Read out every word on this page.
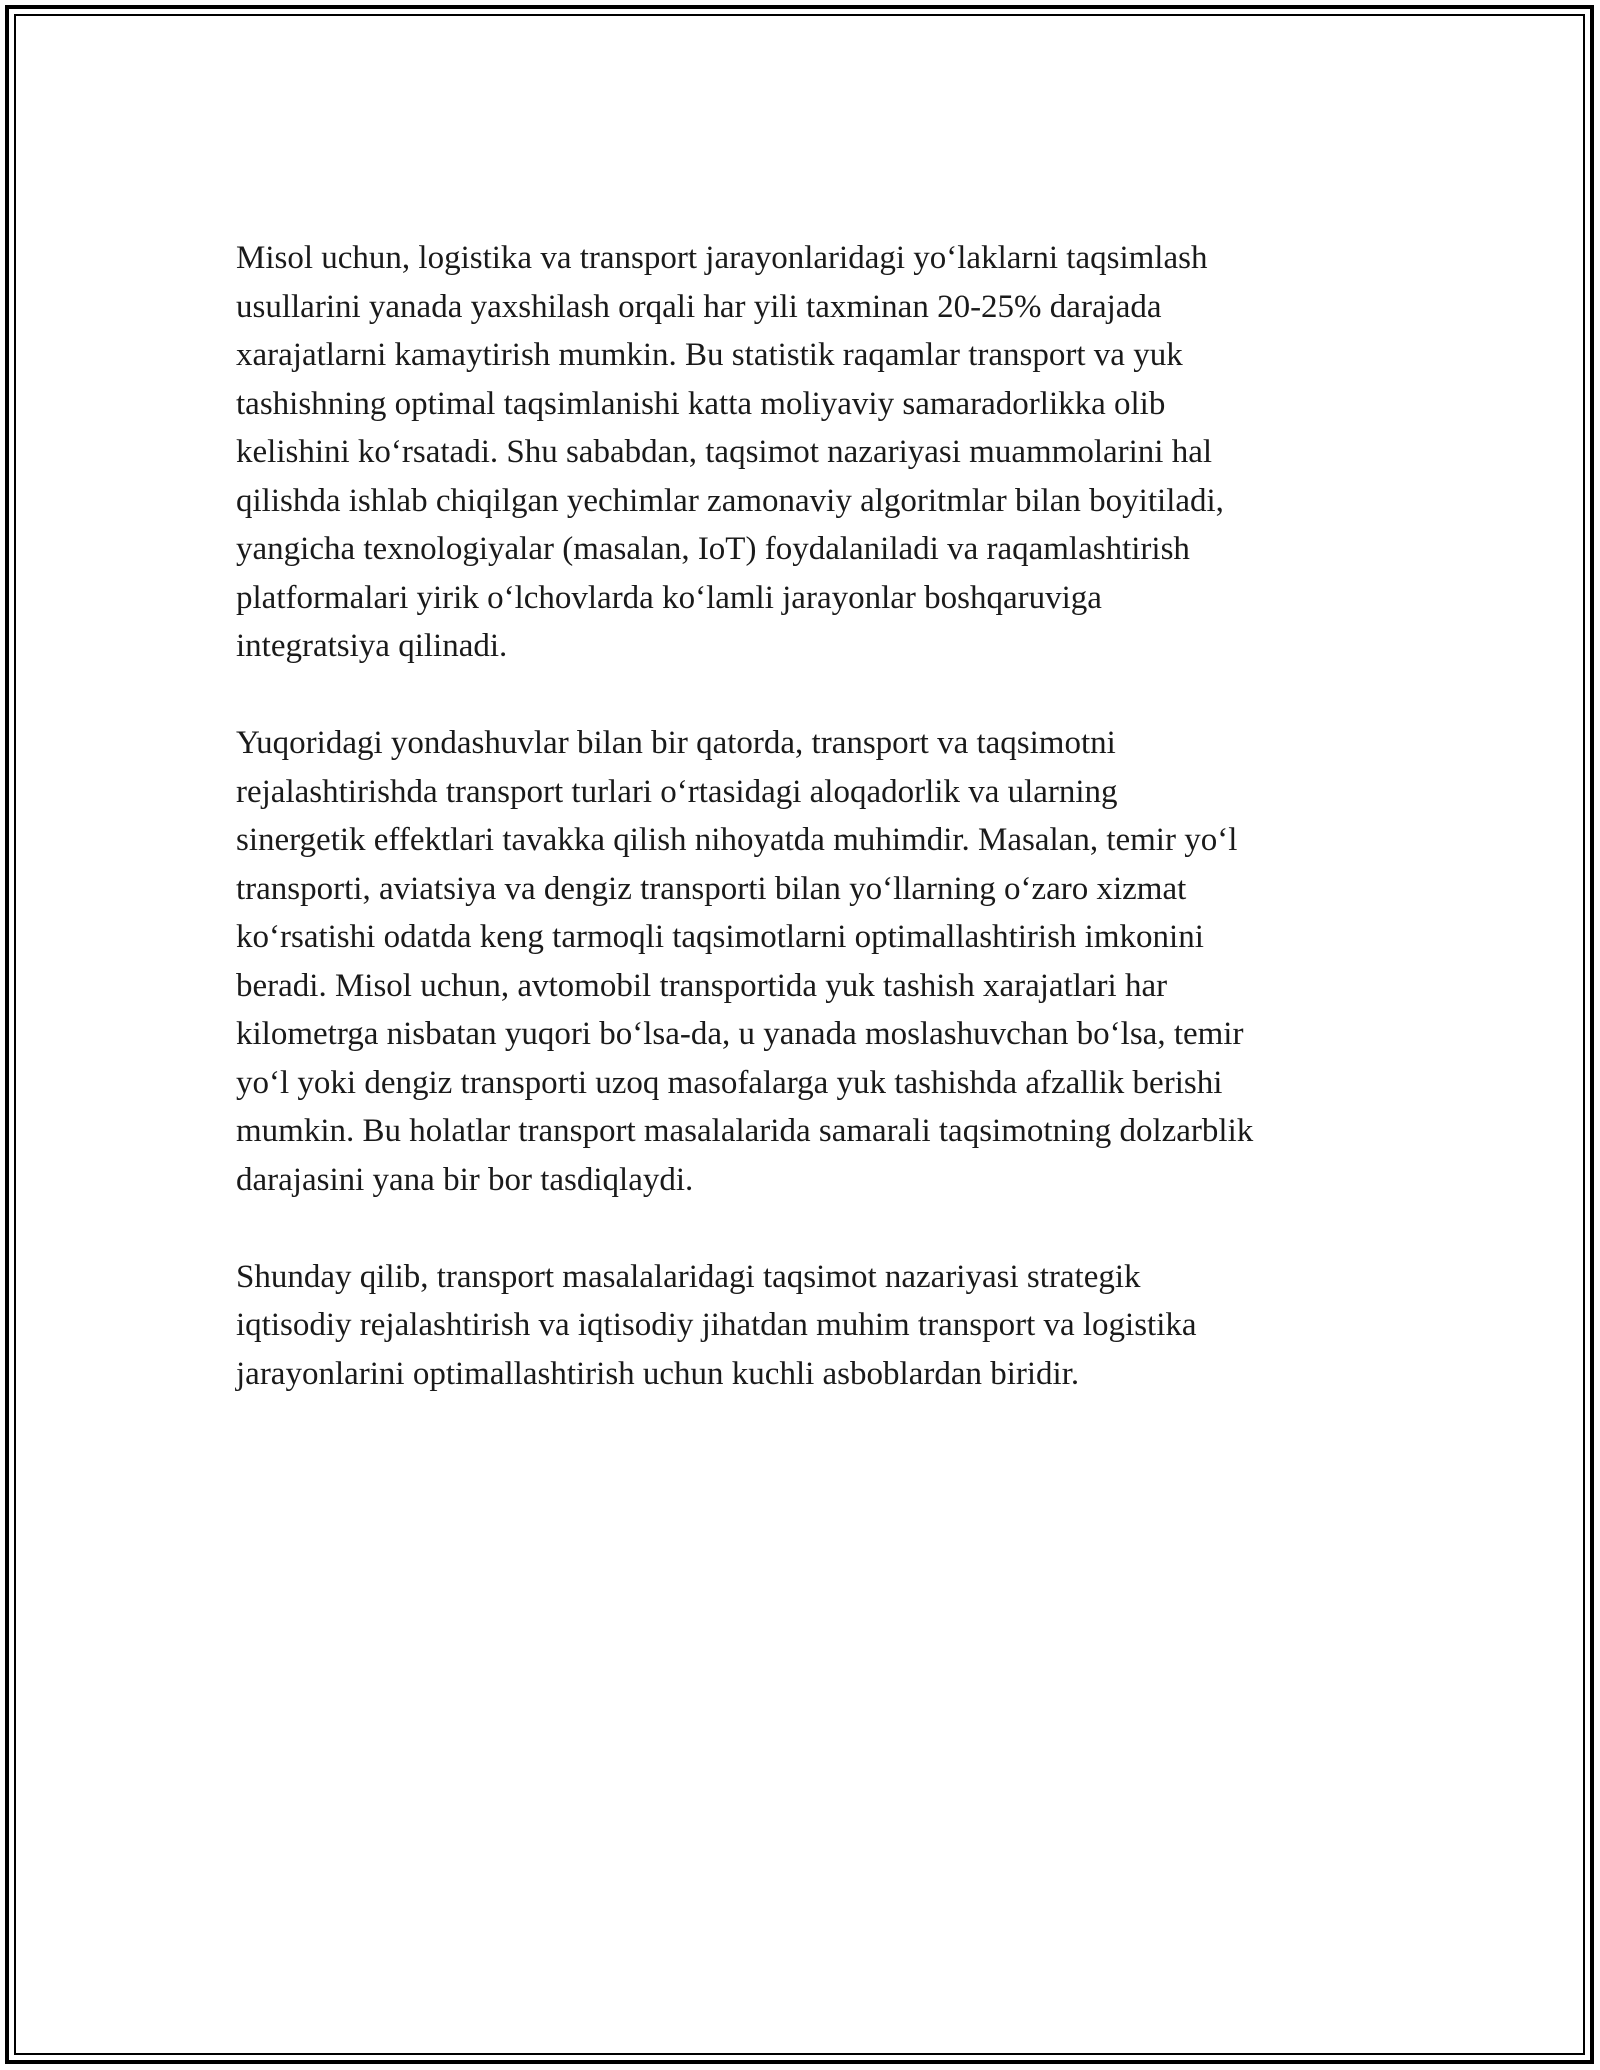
Misol uchun, logistika va transport jarayonlaridagi yoʻlaklarni taqsimlash
usullarini yanada yaxshilash orqali har yili taxminan 20-25% darajada
xarajatlarni kamaytirish mumkin. Bu statistik raqamlar transport va yuk
tashishning optimal taqsimlanishi katta moliyaviy samaradorlikka olib
kelishini koʻrsatadi. Shu sababdan, taqsimot nazariyasi muammolarini hal
qilishda ishlab chiqilgan yechimlar zamonaviy algoritmlar bilan boyitiladi,
yangicha texnologiyalar (masalan, IoT) foydalaniladi va raqamlashtirish
platformalari yirik oʻlchovlarda koʻlamli jarayonlar boshqaruviga
integratsiya qilinadi.

Yuqoridagi yondashuvlar bilan bir qatorda, transport va taqsimotni
rejalashtirishda transport turlari oʻrtasidagi aloqadorlik va ularning
sinergetik effektlari tavakka qilish nihoyatda muhimdir. Masalan, temir yoʻl
transporti, aviatsiya va dengiz transporti bilan yoʻllarning oʻzaro xizmat
koʻrsatishi odatda keng tarmoqli taqsimotlarni optimallashtirish imkonini
beradi. Misol uchun, avtomobil transportida yuk tashish xarajatlari har
kilometrga nisbatan yuqori boʻlsa-da, u yanada moslashuvchan boʻlsa, temir
yoʻl yoki dengiz transporti uzoq masofalarga yuk tashishda afzallik berishi
mumkin. Bu holatlar transport masalalarida samarali taqsimotning dolzarblik
darajasini yana bir bor tasdiqlaydi.

Shunday qilib, transport masalalaridagi taqsimot nazariyasi strategik
iqtisodiy rejalashtirish va iqtisodiy jihatdan muhim transport va logistika
jarayonlarini optimallashtirish uchun kuchli asboblardan biridir.
